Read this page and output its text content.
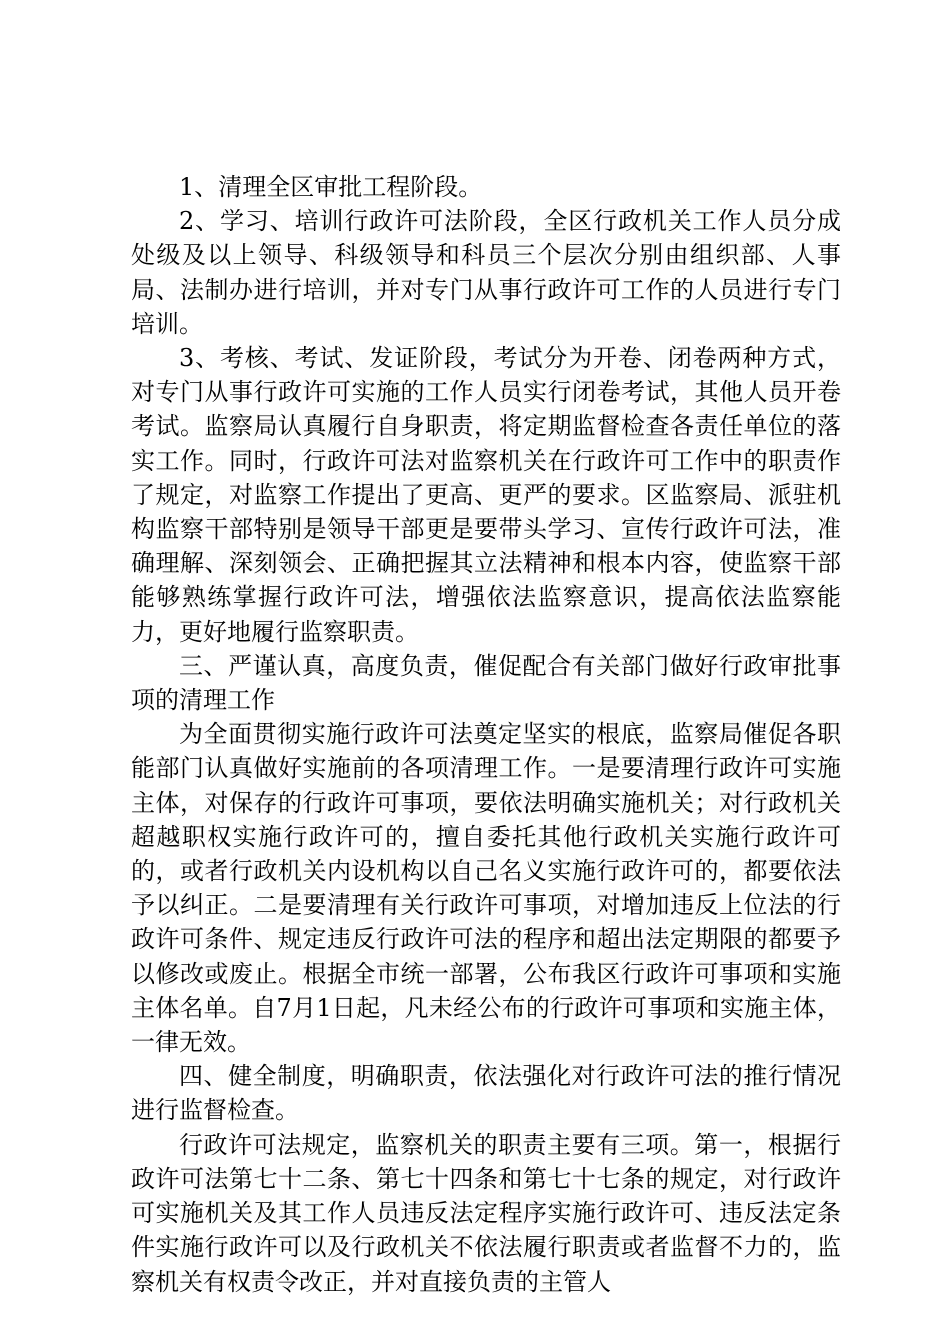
1、清理全区审批工程阶段。

2、学习、培训行政许可法阶段，全区行政机关工作人员分成处级及以上领导、科级领导和科员三个层次分别由组织部、人事局、法制办进行培训，并对专门从事行政许可工作的人员进行专门培训。

3、考核、考试、发证阶段，考试分为开卷、闭卷两种方式，对专门从事行政许可实施的工作人员实行闭卷考试，其他人员开卷考试。监察局认真履行自身职责，将定期监督检查各责任单位的落实工作。同时，行政许可法对监察机关在行政许可工作中的职责作了规定，对监察工作提出了更高、更严的要求。区监察局、派驻机构监察干部特别是领导干部更是要带头学习、宣传行政许可法，准确理解、深刻领会、正确把握其立法精神和根本内容，使监察干部能够熟练掌握行政许可法，增强依法监察意识，提高依法监察能力，更好地履行监察职责。

三、严谨认真，高度负责，催促配合有关部门做好行政审批事项的清理工作

为全面贯彻实施行政许可法奠定坚实的根底，监察局催促各职能部门认真做好实施前的各项清理工作。一是要清理行政许可实施主体，对保存的行政许可事项，要依法明确实施机关；对行政机关超越职权实施行政许可的，擅自委托其他行政机关实施行政许可的，或者行政机关内设机构以自己名义实施行政许可的，都要依法予以纠正。二是要清理有关行政许可事项，对增加违反上位法的行政许可条件、规定违反行政许可法的程序和超出法定期限的都要予以修改或废止。根据全市统一部署，公布我区行政许可事项和实施主体名单。自7月1日起，凡未经公布的行政许可事项和实施主体，一律无效。

四、健全制度，明确职责，依法强化对行政许可法的推行情况进行监督检查。

行政许可法规定，监察机关的职责主要有三项。第一，根据行政许可法第七十二条、第七十四条和第七十七条的规定，对行政许可实施机关及其工作人员违反法定程序实施行政许可、违反法定条件实施行政许可以及行政机关不依法履行职责或者监督不力的，监察机关有权责令改正，并对直接负责的主管人
